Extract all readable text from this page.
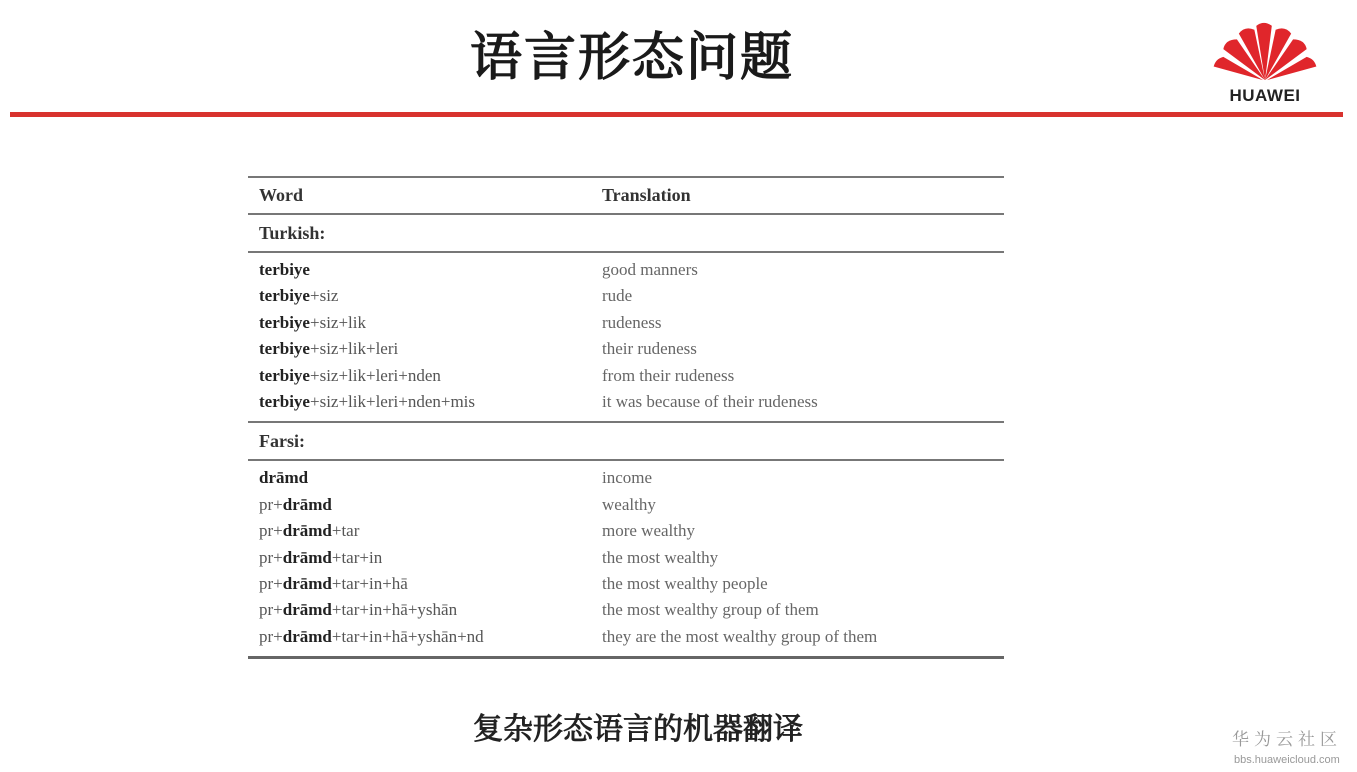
语言形态问题
HUAWEI
Word	Translation
Turkish:
terbiye	good manners
terbiye+siz	rude
terbiye+siz+lik	rudeness
terbiye+siz+lik+leri	their rudeness
terbiye+siz+lik+leri+nden	from their rudeness
terbiye+siz+lik+leri+nden+mis	it was because of their rudeness
Farsi:
drāmd	income
pr+drāmd	wealthy
pr+drāmd+tar	more wealthy
pr+drāmd+tar+in	the most wealthy
pr+drāmd+tar+in+hā	the most wealthy people
pr+drāmd+tar+in+hā+yshān	the most wealthy group of them
pr+drāmd+tar+in+hā+yshān+nd	they are the most wealthy group of them
复杂形态语言的机器翻译	华为云社区
bbs.huaweicloud.com
